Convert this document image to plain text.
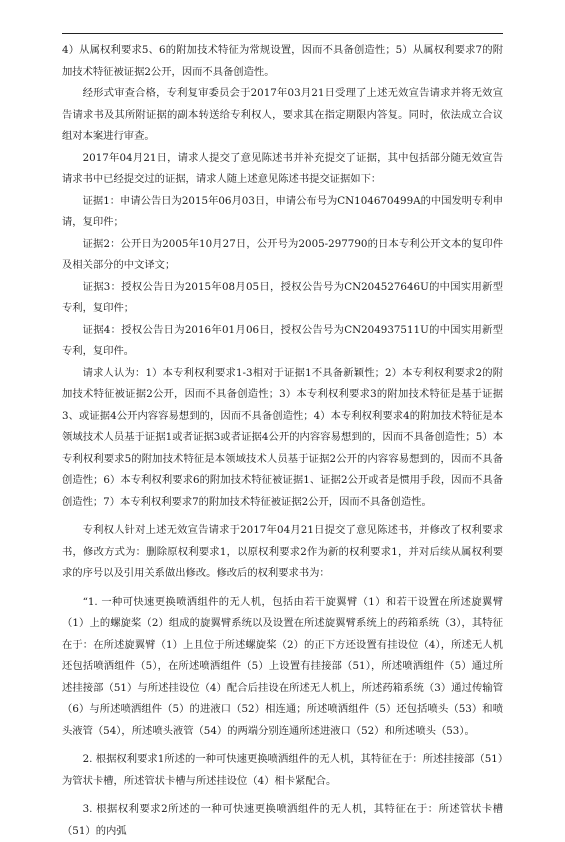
4）从属权利要求5、6的附加技术特征为常规设置，因而不具备创造性；5）从属权利要求7的附加技术特征被证据2公开，因而不具备创造性。

经形式审查合格，专利复审委员会于2017年03月21日受理了上述无效宣告请求并将无效宣告请求书及其所附证据的副本转送给专利权人，要求其在指定期限内答复。同时，依法成立合议组对本案进行审查。

2017年04月21日，请求人提交了意见陈述书并补充提交了证据，其中包括部分随无效宣告请求书中已经提交过的证据，请求人随上述意见陈述书提交证据如下：

证据1：申请公告日为2015年06月03日，申请公布号为CN104670499A的中国发明专利申请，复印件；

证据2：公开日为2005年10月27日，公开号为2005-297790的日本专利公开文本的复印件及相关部分的中文译文；

证据3：授权公告日为2015年08月05日，授权公告号为CN204527646U的中国实用新型专利，复印件；

证据4：授权公告日为2016年01月06日，授权公告号为CN204937511U的中国实用新型专利，复印件。

请求人认为：1）本专利权利要求1-3相对于证据1不具备新颖性；2）本专利权利要求2的附加技术特征被证据2公开，因而不具备创造性；3）本专利权利要求3的附加技术特征是基于证据3、或证据4公开内容容易想到的，因而不具备创造性；4）本专利权利要求4的附加技术特征是本领域技术人员基于证据1或者证据3或者证据4公开的内容容易想到的，因而不具备创造性；5）本专利权利要求5的附加技术特征是本领域技术人员基于证据2公开的内容容易想到的，因而不具备创造性；6）本专利权利要求6的附加技术特征被证据1、证据2公开或者是惯用手段，因而不具备创造性；7）本专利权利要求7的附加技术特征被证据2公开，因而不具备创造性。

专利权人针对上述无效宣告请求于2017年04月21日提交了意见陈述书，并修改了权利要求书，修改方式为：删除原权利要求1，以原权利要求2作为新的权利要求1，并对后续从属权利要求的序号以及引用关系做出修改。修改后的权利要求书为：

“1. 一种可快速更换喷洒组件的无人机，包括由若干旋翼臂（1）和若干设置在所述旋翼臂（1）上的螺旋桨（2）组成的旋翼臂系统以及设置在所述旋翼臂系统上的药箱系统（3），其特征在于：在所述旋翼臂（1）上且位于所述螺旋桨（2）的正下方还设置有挂设位（4），所述无人机还包括喷洒组件（5），在所述喷洒组件（5）上设置有挂接部（51），所述喷洒组件（5）通过所述挂接部（51）与所述挂设位（4）配合后挂设在所述无人机上，所述药箱系统（3）通过传输管（6）与所述喷洒组件（5）的进液口（52）相连通；所述喷洒组件（5）还包括喷头（53）和喷头液管（54），所述喷头液管（54）的两端分别连通所述进液口（52）和所述喷头（53）。

2. 根据权利要求1所述的一种可快速更换喷洒组件的无人机，其特征在于：所述挂接部（51）为管状卡槽，所述管状卡槽与所述挂设位（4）相卡紧配合。

3. 根据权利要求2所述的一种可快速更换喷洒组件的无人机，其特征在于：所述管状卡槽（51）的内弧
